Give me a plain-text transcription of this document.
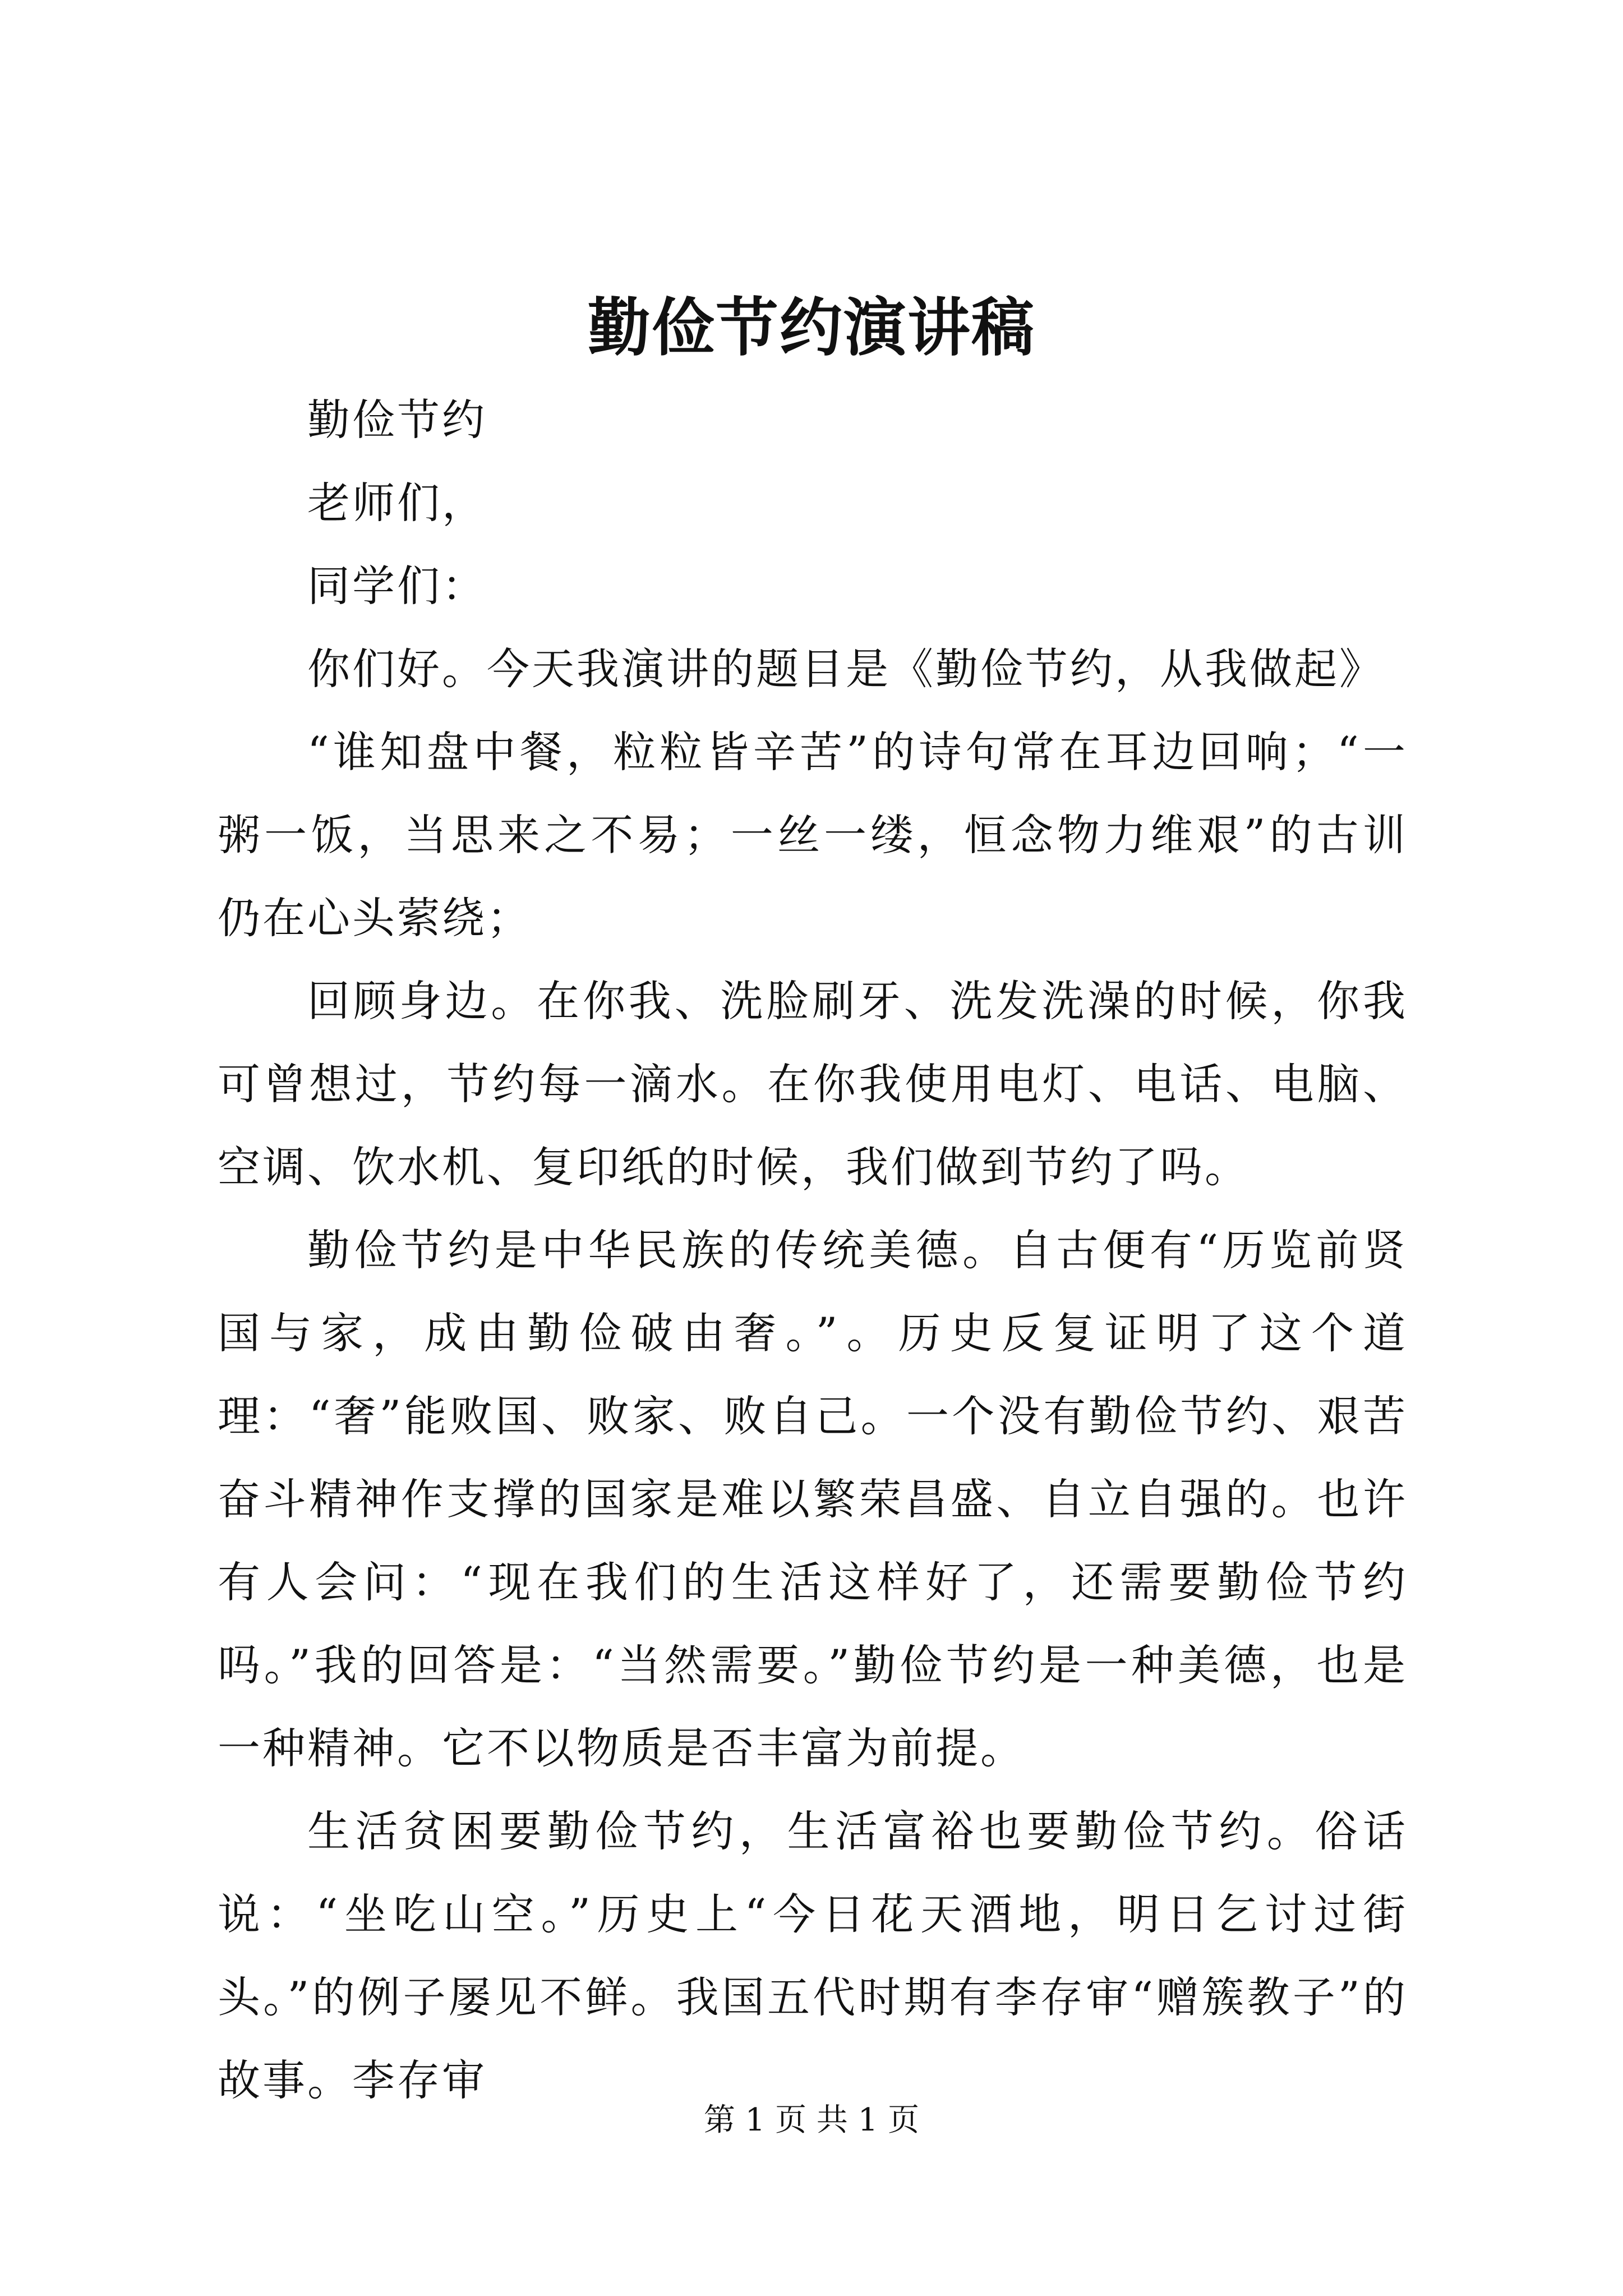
勤俭节约演讲稿

勤俭节约

老师们，

同学们：

你们好。今天我演讲的题目是《勤俭节约，从我做起》

“谁知盘中餐，粒粒皆辛苦”的诗句常在耳边回响；“一粥一饭，当思来之不易；一丝一缕，恒念物力维艰”的古训仍在心头萦绕；

回顾身边。在你我、洗脸刷牙、洗发洗澡的时候，你我可曾想过，节约每一滴水。在你我使用电灯、电话、电脑、空调、饮水机、复印纸的时候，我们做到节约了吗。

勤俭节约是中华民族的传统美德。自古便有“历览前贤国与家，成由勤俭破由奢。”。历史反复证明了这个道理：“奢”能败国、败家、败自己。一个没有勤俭节约、艰苦奋斗精神作支撑的国家是难以繁荣昌盛、自立自强的。也许有人会问：“现在我们的生活这样好了，还需要勤俭节约吗。”我的回答是：“当然需要。”勤俭节约是一种美德，也是一种精神。它不以物质是否丰富为前提。

生活贫困要勤俭节约，生活富裕也要勤俭节约。俗话说：“坐吃山空。”历史上“今日花天酒地，明日乞讨过街头。”的例子屡见不鲜。我国五代时期有李存审“赠簇教子”的故事。李存审

第 1 页 共 1 页
